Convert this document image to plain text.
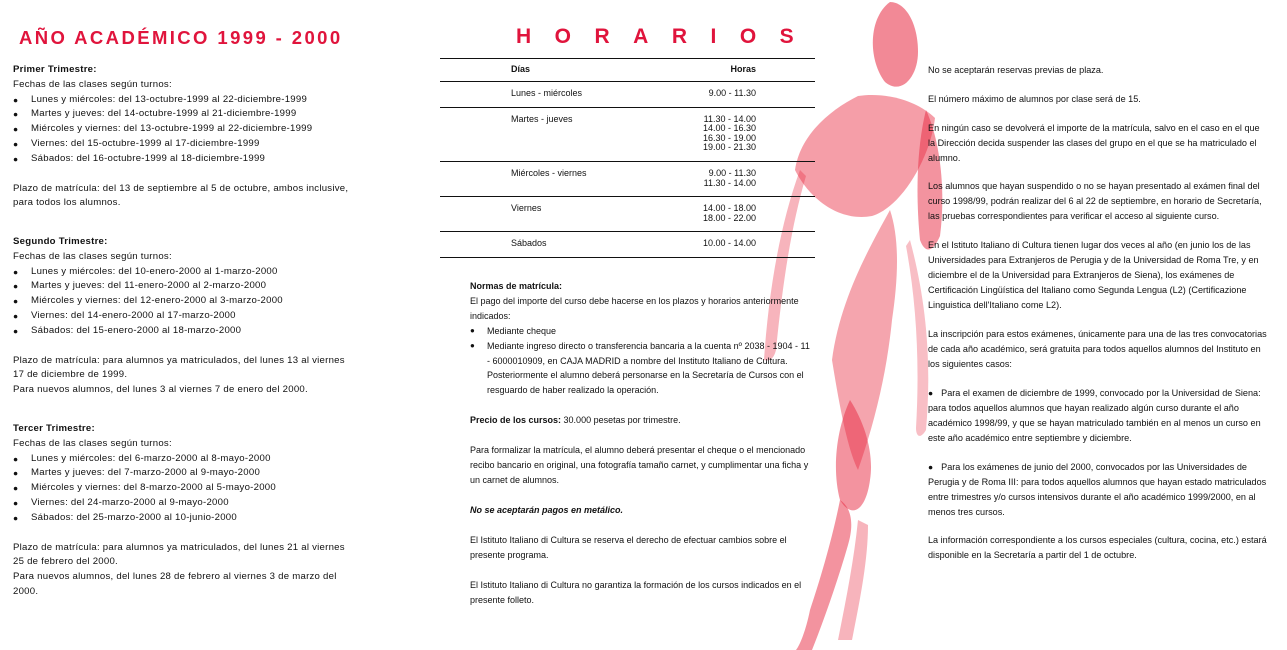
AÑO ACADÉMICO 1999 - 2000	HORARIOS

Primer Trimestre:

Fechas de las clases según turnos:

● Lunes y miércoles: del 13-octubre-1999 al 22-diciembre-1999
● Martes y jueves: del 14-octubre-1999 al 21-diciembre-1999
● Miércoles y viernes: del 13-octubre-1999 al 22-diciembre-1999
● Viernes: del 15-octubre-1999 al 17-diciembre-1999
● Sábados: del 16-octubre-1999 al 18-diciembre-1999

Plazo de matrícula: del 13 de septiembre al 5 de octubre, ambos inclusive, para todos los alumnos.

Segundo Trimestre:

Fechas de las clases según turnos:

● Lunes y miércoles: del 10-enero-2000 al 1-marzo-2000
● Martes y jueves: del 11-enero-2000 al 2-marzo-2000
● Miércoles y viernes: del 12-enero-2000 al 3-marzo-2000
● Viernes: del 14-enero-2000 al 17-marzo-2000
● Sábados: del 15-enero-2000 al 18-marzo-2000

Plazo de matrícula: para alumnos ya matriculados, del lunes 13 al viernes 17 de diciembre de 1999.

Para nuevos alumnos, del lunes 3 al viernes 7 de enero del 2000.

Tercer Trimestre:

Fechas de las clases según turnos:

● Lunes y miércoles: del 6-marzo-2000 al 8-mayo-2000
● Martes y jueves: del 7-marzo-2000 al 9-mayo-2000
● Miércoles y viernes: del 8-marzo-2000 al 5-mayo-2000
● Viernes: del 24-marzo-2000 al 9-mayo-2000
● Sábados: del 25-marzo-2000 al 10-junio-2000

Plazo de matrícula: para alumnos ya matriculados, del lunes 21 al viernes 25 de febrero del 2000.

Para nuevos alumnos, del lunes 28 de febrero al viernes 3 de marzo del 2000.

Días	Horas
Lunes - miércoles	9.00 - 11.30
Martes - jueves	11.30 - 14.00
14.00 - 16.30
16.30 - 19.00
19.00 - 21.30
Miércoles - viernes	9.00 - 11.30
11.30 - 14.00
Viernes	14.00 - 18.00
18.00 - 22.00
Sábados	10.00 - 14.00

Normas de matrícula:

El pago del importe del curso debe hacerse en los plazos y horarios anteriormente indicados:

● Mediante cheque
● Mediante ingreso directo o transferencia bancaria a la cuenta nº 2038 - 1904 - 11 - 6000010909, en CAJA MADRID a nombre del Instituto Italiano de Cultura. Posteriormente el alumno deberá personarse en la Secretaría de Cursos con el resguardo de haber realizado la operación.

Precio de los cursos: 30.000 pesetas por trimestre.

Para formalizar la matrícula, el alumno deberá presentar el cheque o el mencionado recibo bancario en original, una fotografía tamaño carnet, y cumplimentar una ficha y un carnet de alumnos.

No se aceptarán pagos en metálico.

El Istituto Italiano di Cultura se reserva el derecho de efectuar cambios sobre el presente programa.

El Istituto Italiano di Cultura no garantiza la formación de los cursos indicados en el presente folleto.

No se aceptarán reservas previas de plaza.

El número máximo de alumnos por clase será de 15.

En ningún caso se devolverá el importe de la matrícula, salvo en el caso en el que la Dirección decida suspender las clases del grupo en el que se ha matriculado el alumno.

Los alumnos que hayan suspendido o no se hayan presentado al exámen final del curso 1998/99, podrán realizar del 6 al 22 de septiembre, en horario de Secretaría, las pruebas correspondientes para verificar el acceso al siguiente curso.

En el Istituto Italiano di Cultura tienen lugar dos veces al año (en junio los de las Universidades para Extranjeros de Perugia y de la Universidad de Roma Tre, y en diciembre el de la Universidad para Extranjeros de Siena), los exámenes de Certificación Lingüística del Italiano como Segunda Lengua (L2) (Certificazione Linguistica dell'Italiano come L2).

La inscripción para estos exámenes, únicamente para una de las tres convocatorias de cada año académico, será gratuita para todos aquellos alumnos del Instituto en los siguientes casos:

● Para el examen de diciembre de 1999, convocado por la Universidad de Siena: para todos aquellos alumnos que hayan realizado algún curso durante el año académico 1998/99, y que se hayan matriculado también en al menos un curso en este año académico entre septiembre y diciembre.

● Para los exámenes de junio del 2000, convocados por las Universidades de Perugia y de Roma III: para todos aquellos alumnos que hayan estado matriculados entre trimestres y/o cursos intensivos durante el año académico 1999/2000, en al menos tres cursos.

La información correspondiente a los cursos especiales (cultura, cocina, etc.) estará disponible en la Secretaría a partir del 1 de octubre.
